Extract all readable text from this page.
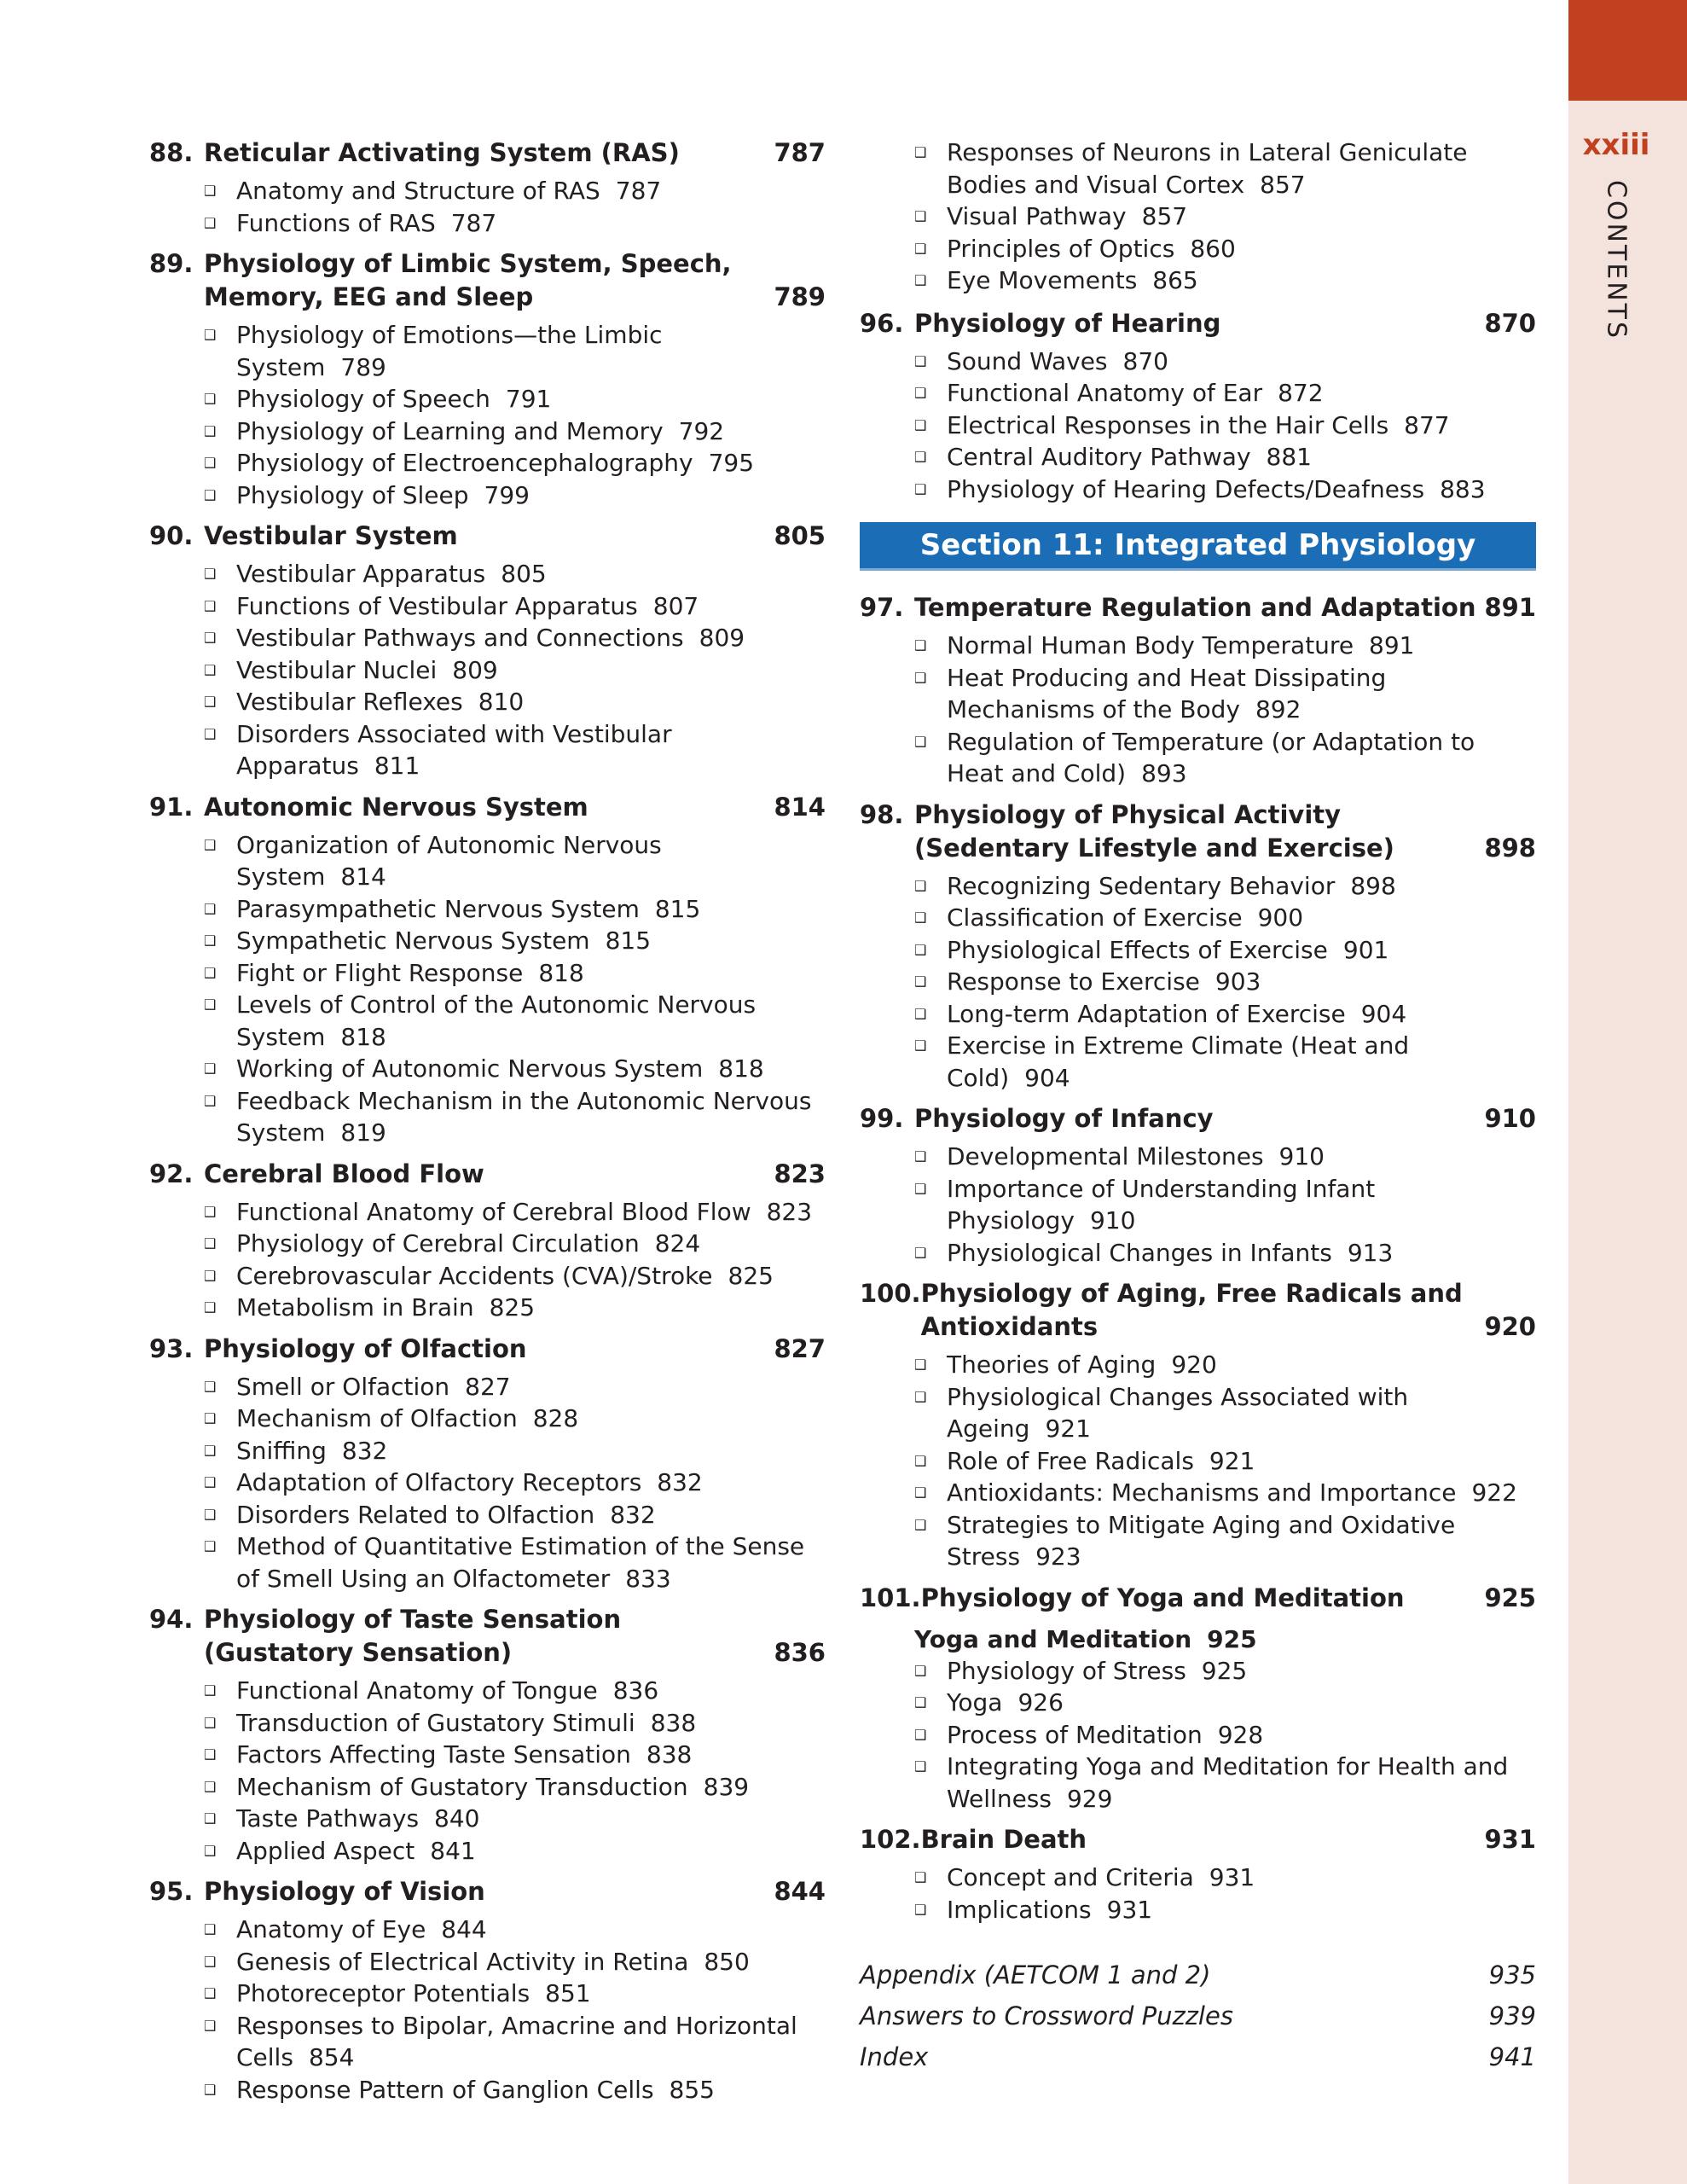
xxiii
CONTENTS
88. Reticular Activating System (RAS)	787
❑ Anatomy and Structure of RAS 787
❑ Functions of RAS 787
89. Physiology of Limbic System, Speech, Memory, EEG and Sleep	789
❑ Physiology of Emotions—the Limbic System 789
❑ Physiology of Speech 791
❑ Physiology of Learning and Memory 792
❑ Physiology of Electroencephalography 795
❑ Physiology of Sleep 799
90. Vestibular System	805
❑ Vestibular Apparatus 805
❑ Functions of Vestibular Apparatus 807
❑ Vestibular Pathways and Connections 809
❑ Vestibular Nuclei 809
❑ Vestibular Reflexes 810
❑ Disorders Associated with Vestibular Apparatus 811
91. Autonomic Nervous System	814
❑ Organization of Autonomic Nervous System 814
❑ Parasympathetic Nervous System 815
❑ Sympathetic Nervous System 815
❑ Fight or Flight Response 818
❑ Levels of Control of the Autonomic Nervous System 818
❑ Working of Autonomic Nervous System 818
❑ Feedback Mechanism in the Autonomic Nervous System 819
92. Cerebral Blood Flow	823
❑ Functional Anatomy of Cerebral Blood Flow 823
❑ Physiology of Cerebral Circulation 824
❑ Cerebrovascular Accidents (CVA)/Stroke 825
❑ Metabolism in Brain 825
93. Physiology of Olfaction	827
❑ Smell or Olfaction 827
❑ Mechanism of Olfaction 828
❑ Sniffing 832
❑ Adaptation of Olfactory Receptors 832
❑ Disorders Related to Olfaction 832
❑ Method of Quantitative Estimation of the Sense of Smell Using an Olfactometer 833
94. Physiology of Taste Sensation (Gustatory Sensation)	836
❑ Functional Anatomy of Tongue 836
❑ Transduction of Gustatory Stimuli 838
❑ Factors Affecting Taste Sensation 838
❑ Mechanism of Gustatory Transduction 839
❑ Taste Pathways 840
❑ Applied Aspect 841
95. Physiology of Vision	844
❑ Anatomy of Eye 844
❑ Genesis of Electrical Activity in Retina 850
❑ Photoreceptor Potentials 851
❑ Responses to Bipolar, Amacrine and Horizontal Cells 854
❑ Response Pattern of Ganglion Cells 855
❑ Responses of Neurons in Lateral Geniculate Bodies and Visual Cortex 857
❑ Visual Pathway 857
❑ Principles of Optics 860
❑ Eye Movements 865
96. Physiology of Hearing	870
❑ Sound Waves 870
❑ Functional Anatomy of Ear 872
❑ Electrical Responses in the Hair Cells 877
❑ Central Auditory Pathway 881
❑ Physiology of Hearing Defects/Deafness 883
Section 11: Integrated Physiology
97. Temperature Regulation and Adaptation 891
❑ Normal Human Body Temperature 891
❑ Heat Producing and Heat Dissipating Mechanisms of the Body 892
❑ Regulation of Temperature (or Adaptation to Heat and Cold) 893
98. Physiology of Physical Activity (Sedentary Lifestyle and Exercise)	898
❑ Recognizing Sedentary Behavior 898
❑ Classification of Exercise 900
❑ Physiological Effects of Exercise 901
❑ Response to Exercise 903
❑ Long-term Adaptation of Exercise 904
❑ Exercise in Extreme Climate (Heat and Cold) 904
99. Physiology of Infancy	910
❑ Developmental Milestones 910
❑ Importance of Understanding Infant Physiology 910
❑ Physiological Changes in Infants 913
100. Physiology of Aging, Free Radicals and Antioxidants	920
❑ Theories of Aging 920
❑ Physiological Changes Associated with Ageing 921
❑ Role of Free Radicals 921
❑ Antioxidants: Mechanisms and Importance 922
❑ Strategies to Mitigate Aging and Oxidative Stress 923
101. Physiology of Yoga and Meditation	925
Yoga and Meditation 925
❑ Physiology of Stress 925
❑ Yoga 926
❑ Process of Meditation 928
❑ Integrating Yoga and Meditation for Health and Wellness 929
102. Brain Death	931
❑ Concept and Criteria 931
❑ Implications 931
Appendix (AETCOM 1 and 2)	935
Answers to Crossword Puzzles	939
Index	941
